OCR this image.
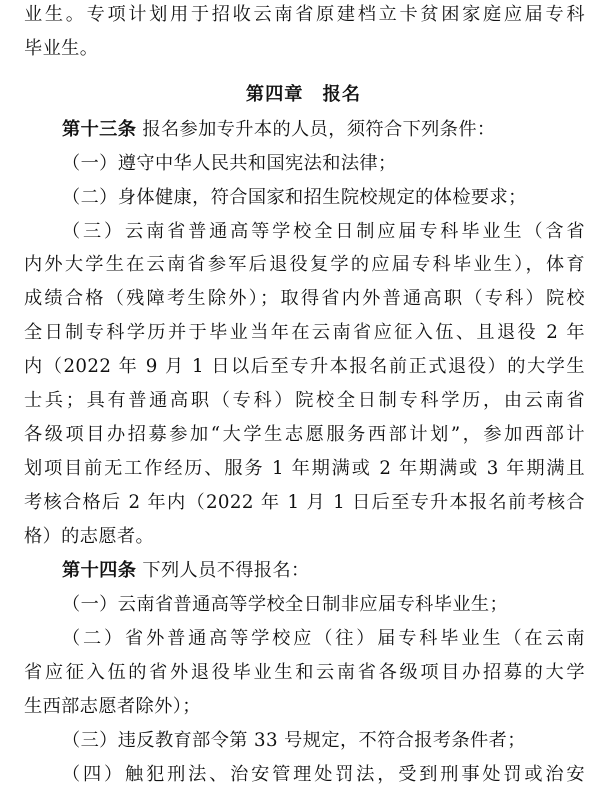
业生。专项计划用于招收云南省原建档立卡贫困家庭应届专科
毕业生。
第四章　报名
第十三条 报名参加专升本的人员，须符合下列条件：
（一）遵守中华人民共和国宪法和法律；
（二）身体健康，符合国家和招生院校规定的体检要求；
（三）云南省普通高等学校全日制应届专科毕业生（含省
内外大学生在云南省参军后退役复学的应届专科毕业生），体育
成绩合格（残障考生除外）；取得省内外普通高职（专科）院校
全日制专科学历并于毕业当年在云南省应征入伍、且退役 2 年
内（2022 年 9 月 1 日以后至专升本报名前正式退役）的大学生
士兵；具有普通高职（专科）院校全日制专科学历，由云南省
各级项目办招募参加“大学生志愿服务西部计划”，参加西部计
划项目前无工作经历、服务 1 年期满或 2 年期满或 3 年期满且
考核合格后 2 年内（2022 年 1 月 1 日后至专升本报名前考核合
格）的志愿者。
第十四条 下列人员不得报名：
（一）云南省普通高等学校全日制非应届专科毕业生；
（二）省外普通高等学校应（往）届专科毕业生（在云南
省应征入伍的省外退役毕业生和云南省各级项目办招募的大学
生西部志愿者除外）；
（三）违反教育部令第 33 号规定，不符合报考条件者；
（四）触犯刑法、治安管理处罚法，受到刑事处罚或治安
